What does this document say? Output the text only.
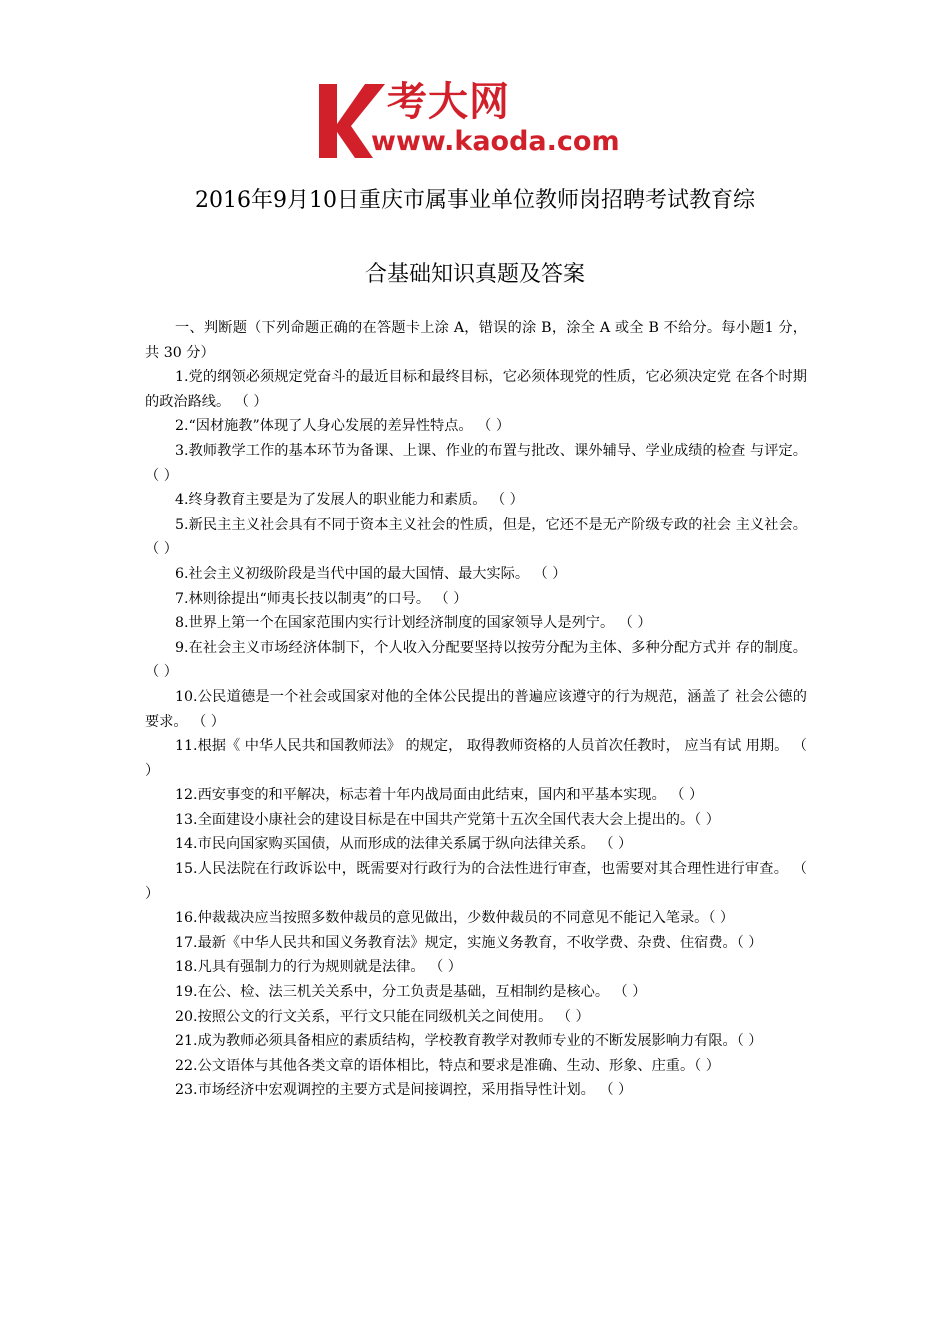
考大网
www.kaoda.com
2016年9月10日重庆市属事业单位教师岗招聘考试教育综
合基础知识真题及答案

一、判断题（下列命题正确的在答题卡上涂 A，错误的涂 B，涂全 A 或全 B 不给分。每小题1 分，共 30 分）

1.党的纲领必须规定党奋斗的最近目标和最终目标，它必须体现党的性质，它必须决定党 在各个时期的政治路线。 （ ）

2.“因材施教”体现了人身心发展的差异性特点。 （ ）

3.教师教学工作的基本环节为备课、上课、作业的布置与批改、课外辅导、学业成绩的检查 与评定。 （ ）

4.终身教育主要是为了发展人的职业能力和素质。 （ ）

5.新民主主义社会具有不同于资本主义社会的性质，但是，它还不是无产阶级专政的社会 主义社会。 （ ）

6.社会主义初级阶段是当代中国的最大国情、最大实际。 （ ）

7.林则徐提出“师夷长技以制夷”的口号。 （ ）

8.世界上第一个在国家范围内实行计划经济制度的国家领导人是列宁。 （ ）

9.在社会主义市场经济体制下，个人收入分配要坚持以按劳分配为主体、多种分配方式并 存的制度。 （ ）

10.公民道德是一个社会或国家对他的全体公民提出的普遍应该遵守的行为规范，涵盖了 社会公德的要求。 （ ）

11.根据《 中华人民共和国教师法》 的规定， 取得教师资格的人员首次任教时， 应当有试 用期。 （ ）

12.西安事变的和平解决，标志着十年内战局面由此结束，国内和平基本实现。 （ ）

13.全面建设小康社会的建设目标是在中国共产党第十五次全国代表大会上提出的。（ ）

14.市民向国家购买国债，从而形成的法律关系属于纵向法律关系。 （ ）

15.人民法院在行政诉讼中，既需要对行政行为的合法性进行审查，也需要对其合理性进行审查。 （ ）

16.仲裁裁决应当按照多数仲裁员的意见做出，少数仲裁员的不同意见不能记入笔录。（ ）

17.最新《中华人民共和国义务教育法》规定，实施义务教育，不收学费、杂费、住宿费。（ ）

18.凡具有强制力的行为规则就是法律。 （ ）

19.在公、检、法三机关关系中，分工负责是基础，互相制约是核心。 （ ）

20.按照公文的行文关系，平行文只能在同级机关之间使用。 （ ）

21.成为教师必须具备相应的素质结构，学校教育教学对教师专业的不断发展影响力有限。（ ）

22.公文语体与其他各类文章的语体相比，特点和要求是准确、生动、形象、庄重。（ ）

23.市场经济中宏观调控的主要方式是间接调控，采用指导性计划。 （ ）
